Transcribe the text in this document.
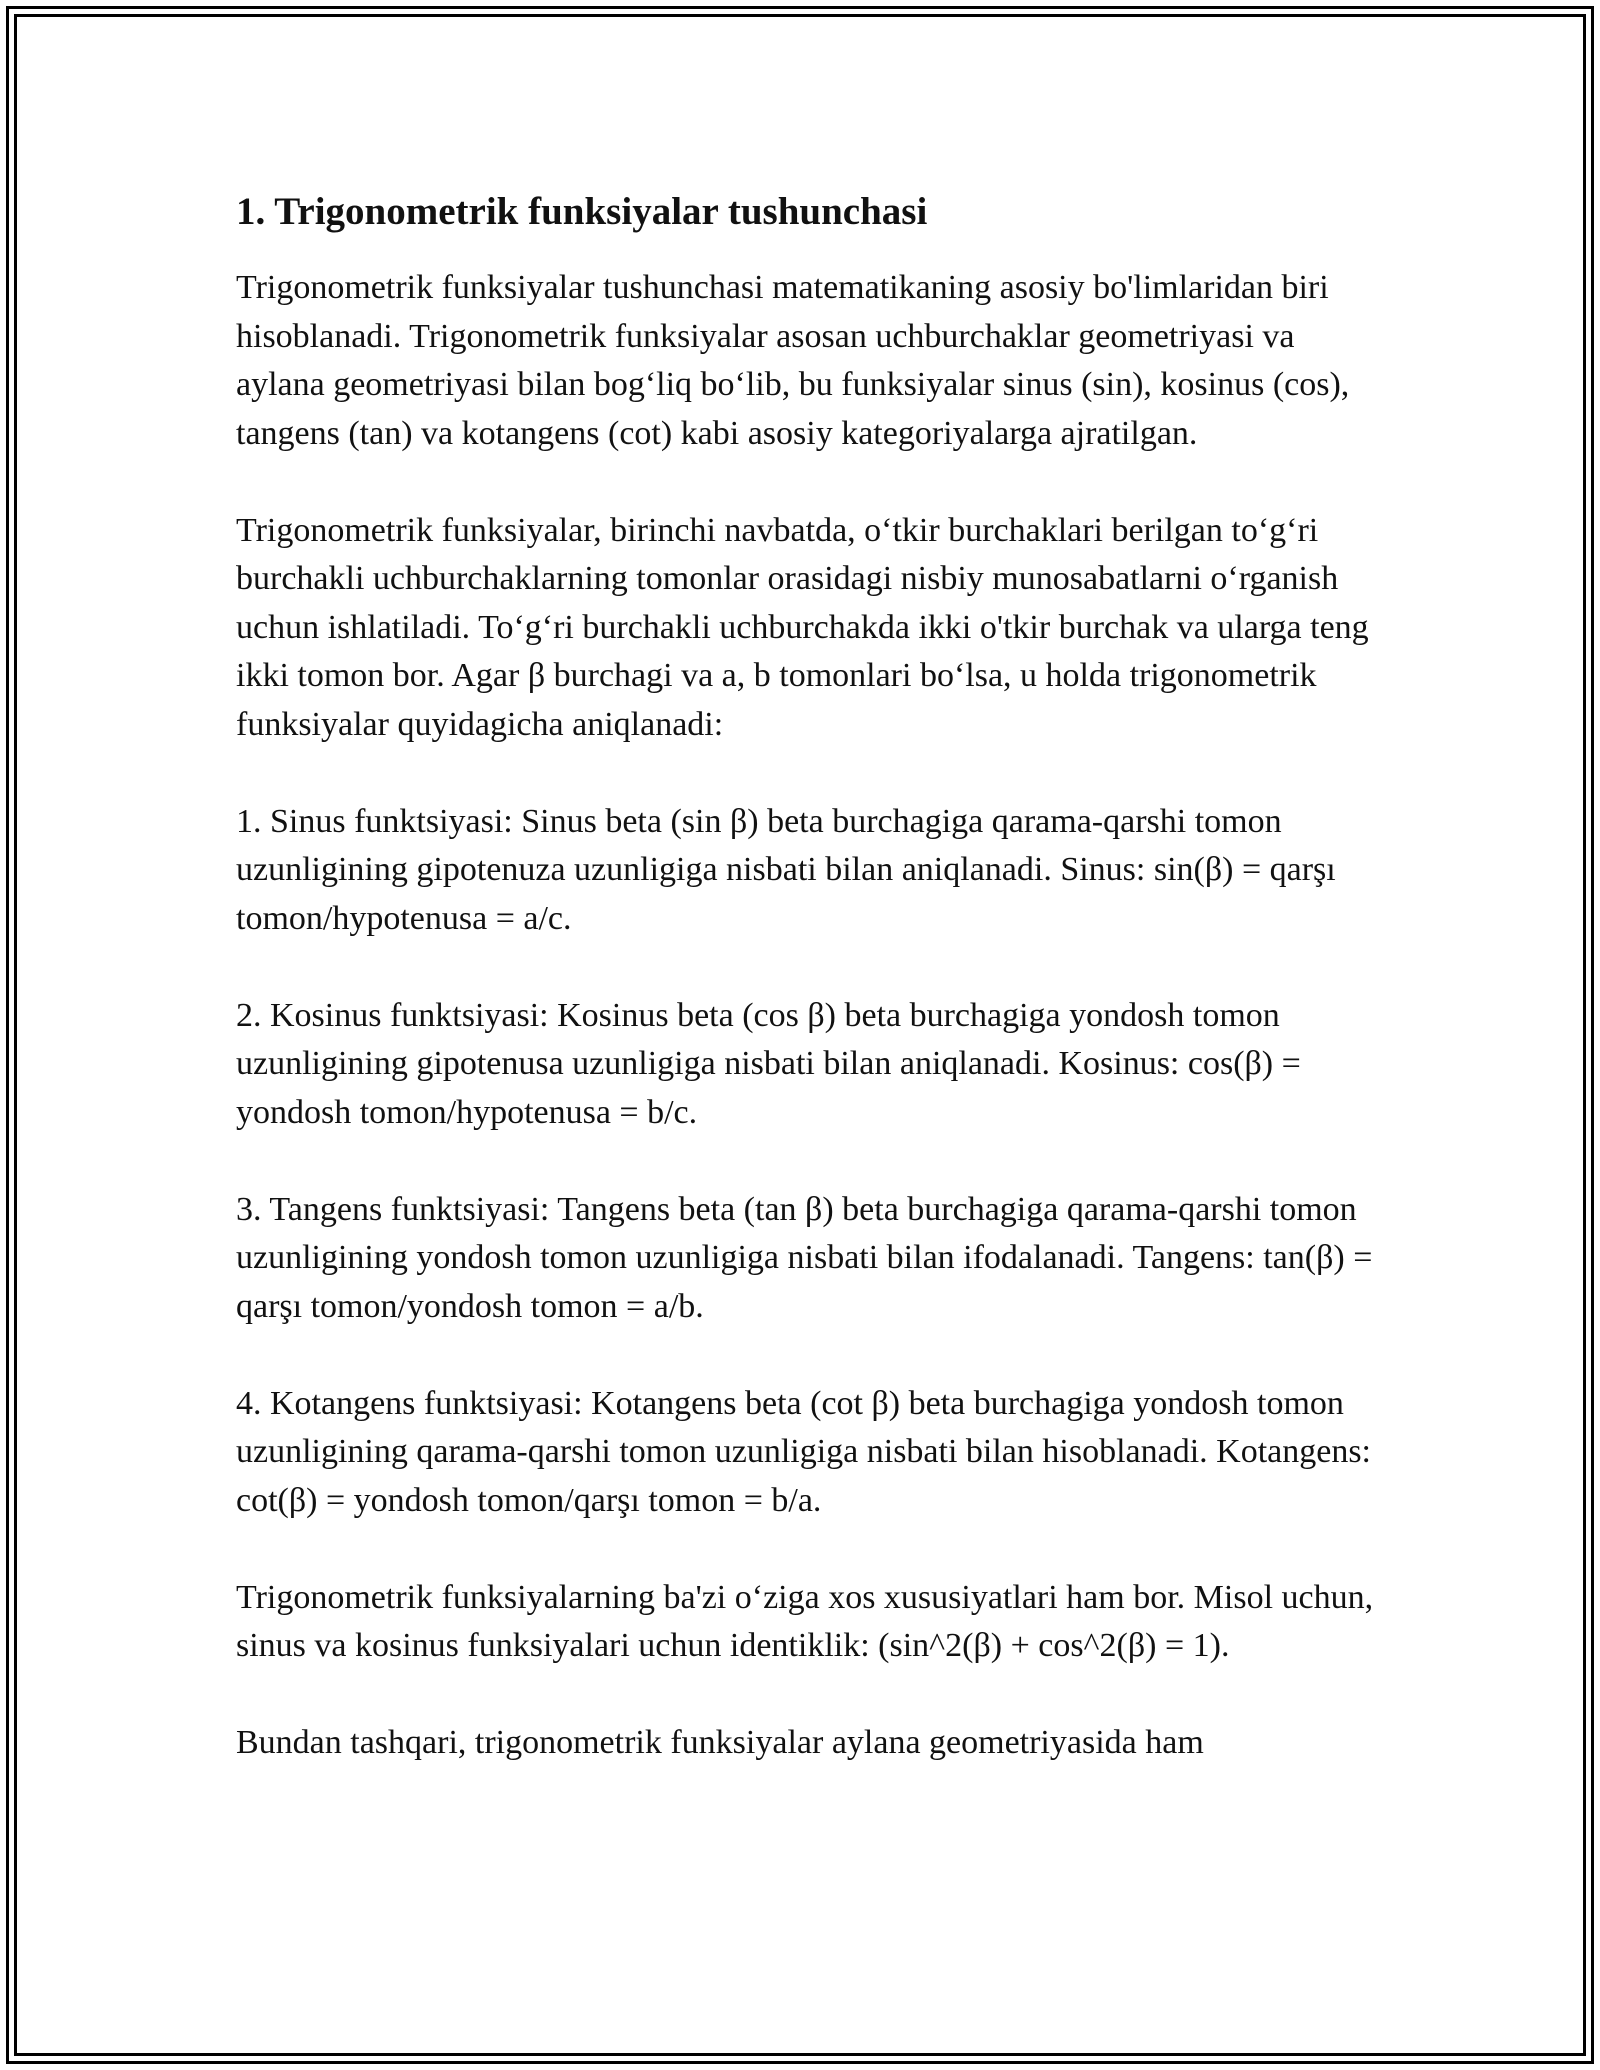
1. Trigonometrik funksiyalar tushunchasi

Trigonometrik funksiyalar tushunchasi matematikaning asosiy bo'limlaridan biri hisoblanadi. Trigonometrik funksiyalar asosan uchburchaklar geometriyasi va aylana geometriyasi bilan bog‘liq bo‘lib, bu funksiyalar sinus (sin), kosinus (cos), tangens (tan) va kotangens (cot) kabi asosiy kategoriyalarga ajratilgan.

Trigonometrik funksiyalar, birinchi navbatda, o‘tkir burchaklari berilgan to‘g‘ri burchakli uchburchaklarning tomonlar orasidagi nisbiy munosabatlarni o‘rganish uchun ishlatiladi. To‘g‘ri burchakli uchburchakda ikki o'tkir burchak va ularga teng ikki tomon bor. Agar β burchagi va a, b tomonlari bo‘lsa, u holda trigonometrik funksiyalar quyidagicha aniqlanadi:

1. Sinus funktsiyasi: Sinus beta (sin β) beta burchagiga qarama-qarshi tomon uzunligining gipotenuza uzunligiga nisbati bilan aniqlanadi. Sinus: sin(β) = qarşı tomon/hypotenusa = a/c.

2. Kosinus funktsiyasi: Kosinus beta (cos β) beta burchagiga yondosh tomon uzunligining gipotenusa uzunligiga nisbati bilan aniqlanadi. Kosinus: cos(β) = yondosh tomon/hypotenusa = b/c.

3. Tangens funktsiyasi: Tangens beta (tan β) beta burchagiga qarama-qarshi tomon uzunligining yondosh tomon uzunligiga nisbati bilan ifodalanadi. Tangens: tan(β) = qarşı tomon/yondosh tomon = a/b.

4. Kotangens funktsiyasi: Kotangens beta (cot β) beta burchagiga yondosh tomon uzunligining qarama-qarshi tomon uzunligiga nisbati bilan hisoblanadi. Kotangens: cot(β) = yondosh tomon/qarşı tomon = b/a.

Trigonometrik funksiyalarning ba'zi o‘ziga xos xususiyatlari ham bor. Misol uchun, sinus va kosinus funksiyalari uchun identiklik: (sin^2(β) + cos^2(β) = 1).

Bundan tashqari, trigonometrik funksiyalar aylana geometriyasida ham
